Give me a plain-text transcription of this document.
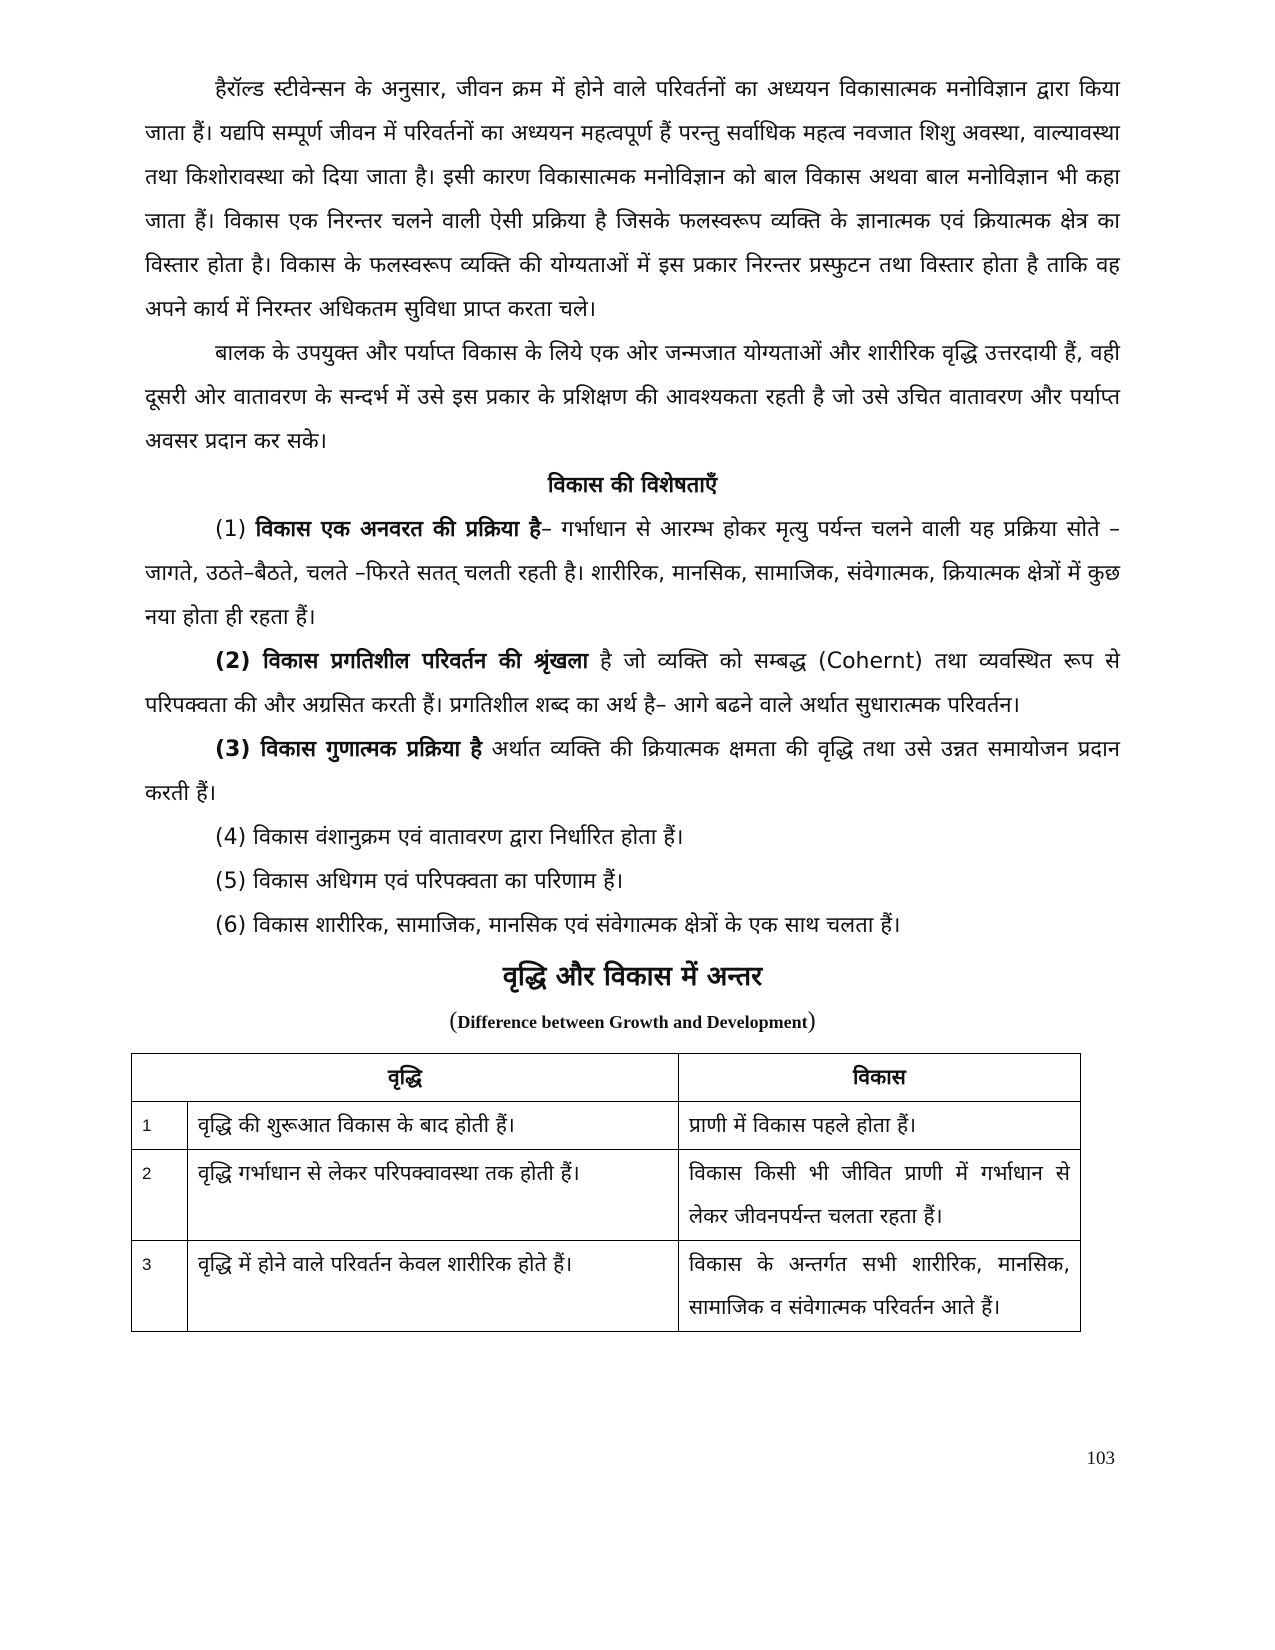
हैरॉल्ड स्टीवेन्सन के अनुसार, जीवन क्रम में होने वाले परिवर्तनों का अध्ययन विकासात्मक मनोविज्ञान द्वारा किया जाता हैं। यद्यपि सम्पूर्ण जीवन में परिवर्तनों का अध्ययन महत्वपूर्ण हैं परन्तु सर्वाधिक महत्व नवजात शिशु अवस्था, वाल्यावस्था तथा किशोरावस्था को दिया जाता है। इसी कारण विकासात्मक मनोविज्ञान को बाल विकास अथवा बाल मनोविज्ञान भी कहा जाता हैं। विकास एक निरन्तर चलने वाली ऐसी प्रक्रिया है जिसके फलस्वरूप व्यक्ति के ज्ञानात्मक एवं क्रियात्मक क्षेत्र का विस्तार होता है। विकास के फलस्वरूप व्यक्ति की योग्यताओं में इस प्रकार निरन्तर प्रस्फुटन तथा विस्तार होता है ताकि वह अपने कार्य में निरम्तर अधिकतम सुविधा प्राप्त करता चले।

बालक के उपयुक्त और पर्याप्त विकास के लिये एक ओर जन्मजात योग्यताओं और शारीरिक वृद्धि उत्तरदायी हैं, वही दूसरी ओर वातावरण के सन्दर्भ में उसे इस प्रकार के प्रशिक्षण की आवश्यकता रहती है जो उसे उचित वातावरण और पर्याप्त अवसर प्रदान कर सके।

विकास की विशेषताएँ

(1) विकास एक अनवरत की प्रक्रिया है– गर्भाधान से आरम्भ होकर मृत्यु पर्यन्त चलने वाली यह प्रक्रिया सोते –जागते, उठते–बैठते, चलते –फिरते सतत् चलती रहती है। शारीरिक, मानसिक, सामाजिक, संवेगात्मक, क्रियात्मक क्षेत्रों में कुछ नया होता ही रहता हैं।

(2) विकास प्रगतिशील परिवर्तन की श्रृंखला है जो व्यक्ति को सम्बद्ध (Cohernt) तथा व्यवस्थित रूप से परिपक्वता की और अग्रसित करती हैं। प्रगतिशील शब्द का अर्थ है– आगे बढने वाले अर्थात सुधारात्मक परिवर्तन।

(3) विकास गुणात्मक प्रक्रिया है अर्थात व्यक्ति की क्रियात्मक क्षमता की वृद्धि तथा उसे उन्नत समायोजन प्रदान करती हैं।

(4) विकास वंशानुक्रम एवं वातावरण द्वारा निर्धारित होता हैं।

(5) विकास अधिगम एवं परिपक्वता का परिणाम हैं।

(6) विकास शारीरिक, सामाजिक, मानसिक एवं संवेगात्मक क्षेत्रों के एक साथ चलता हैं।

वृद्धि और विकास में अन्तर

(Difference between Growth and Development)

वृद्धि		विकास
1	वृद्धि की शुरूआत विकास के बाद होती हैं।	प्राणी में विकास पहले होता हैं।
2	वृद्धि गर्भाधान से लेकर परिपक्वावस्था तक होती हैं।	विकास किसी भी जीवित प्राणी में गर्भाधान से लेकर जीवनपर्यन्त चलता रहता हैं।
3	वृद्धि में होने वाले परिवर्तन केवल शारीरिक होते हैं।	विकास के अन्तर्गत सभी शारीरिक, मानसिक, सामाजिक व संवेगात्मक परिवर्तन आते हैं।
103
